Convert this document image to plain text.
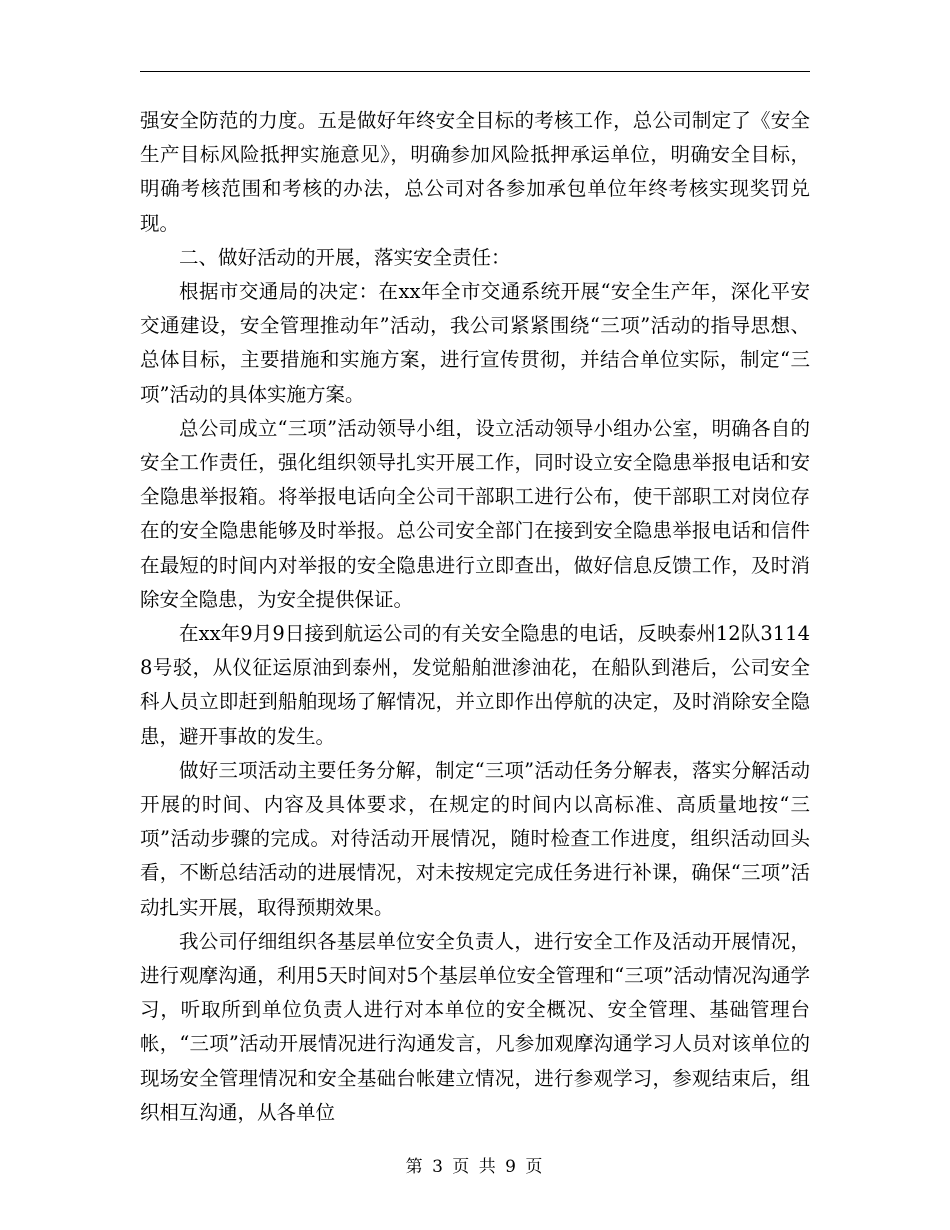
强安全防范的力度。五是做好年终安全目标的考核工作，总公司制定了《安全生产目标风险抵押实施意见》，明确参加风险抵押承运单位，明确安全目标，明确考核范围和考核的办法，总公司对各参加承包单位年终考核实现奖罚兑现。

二、做好活动的开展，落实安全责任：

根据市交通局的决定：在xx年全市交通系统开展“安全生产年，深化平安交通建设，安全管理推动年”活动，我公司紧紧围绕“三项”活动的指导思想、总体目标，主要措施和实施方案，进行宣传贯彻，并结合单位实际，制定“三项”活动的具体实施方案。

总公司成立“三项”活动领导小组，设立活动领导小组办公室，明确各自的安全工作责任，强化组织领导扎实开展工作，同时设立安全隐患举报电话和安全隐患举报箱。将举报电话向全公司干部职工进行公布，使干部职工对岗位存在的安全隐患能够及时举报。总公司安全部门在接到安全隐患举报电话和信件在最短的时间内对举报的安全隐患进行立即查出，做好信息反馈工作，及时消除安全隐患，为安全提供保证。

在xx年9月9日接到航运公司的有关安全隐患的电话，反映泰州12队31148号驳，从仪征运原油到泰州，发觉船舶泄渗油花，在船队到港后，公司安全科人员立即赶到船舶现场了解情况，并立即作出停航的决定，及时消除安全隐患，避开事故的发生。

做好三项活动主要任务分解，制定“三项”活动任务分解表，落实分解活动开展的时间、内容及具体要求，在规定的时间内以高标准、高质量地按“三项”活动步骤的完成。对待活动开展情况，随时检查工作进度，组织活动回头看，不断总结活动的进展情况，对未按规定完成任务进行补课，确保“三项”活动扎实开展，取得预期效果。

我公司仔细组织各基层单位安全负责人，进行安全工作及活动开展情况，进行观摩沟通，利用5天时间对5个基层单位安全管理和“三项”活动情况沟通学习，听取所到单位负责人进行对本单位的安全概况、安全管理、基础管理台帐，“三项”活动开展情况进行沟通发言，凡参加观摩沟通学习人员对该单位的现场安全管理情况和安全基础台帐建立情况，进行参观学习，参观结束后，组织相互沟通，从各单位

第 3 页 共 9 页
